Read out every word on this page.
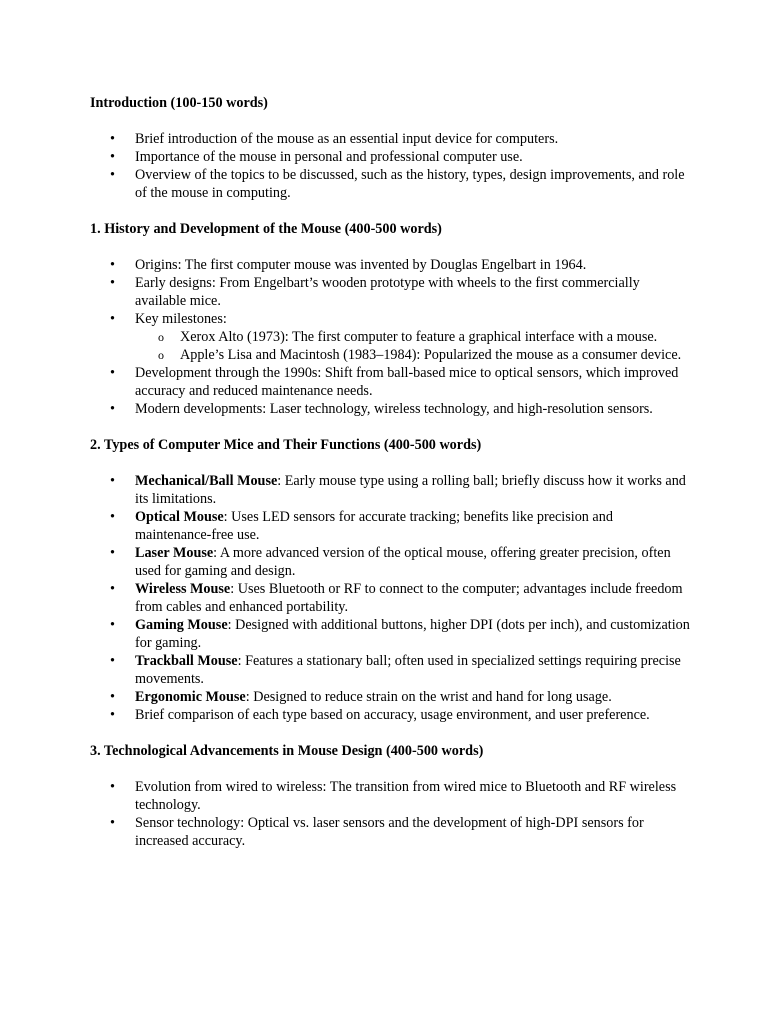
Introduction (100-150 words)
•	Brief introduction of the mouse as an essential input device for computers.
•	Importance of the mouse in personal and professional computer use.
•	Overview of the topics to be discussed, such as the history, types, design improvements, and role of the mouse in computing.
1. History and Development of the Mouse (400-500 words)
•	Origins: The first computer mouse was invented by Douglas Engelbart in 1964.
•	Early designs: From Engelbart’s wooden prototype with wheels to the first commercially available mice.
•	Key milestones:
o Xerox Alto (1973): The first computer to feature a graphical interface with a mouse.
o Apple’s Lisa and Macintosh (1983–1984): Popularized the mouse as a consumer device.
•	Development through the 1990s: Shift from ball-based mice to optical sensors, which improved accuracy and reduced maintenance needs.
•	Modern developments: Laser technology, wireless technology, and high-resolution sensors.
2. Types of Computer Mice and Their Functions (400-500 words)
•	Mechanical/Ball Mouse: Early mouse type using a rolling ball; briefly discuss how it works and its limitations.
•	Optical Mouse: Uses LED sensors for accurate tracking; benefits like precision and maintenance-free use.
•	Laser Mouse: A more advanced version of the optical mouse, offering greater precision, often used for gaming and design.
•	Wireless Mouse: Uses Bluetooth or RF to connect to the computer; advantages include freedom from cables and enhanced portability.
•	Gaming Mouse: Designed with additional buttons, higher DPI (dots per inch), and customization for gaming.
•	Trackball Mouse: Features a stationary ball; often used in specialized settings requiring precise movements.
•	Ergonomic Mouse: Designed to reduce strain on the wrist and hand for long usage.
•	Brief comparison of each type based on accuracy, usage environment, and user preference.
3. Technological Advancements in Mouse Design (400-500 words)
•	Evolution from wired to wireless: The transition from wired mice to Bluetooth and RF wireless technology.
•	Sensor technology: Optical vs. laser sensors and the development of high-DPI sensors for increased accuracy.
